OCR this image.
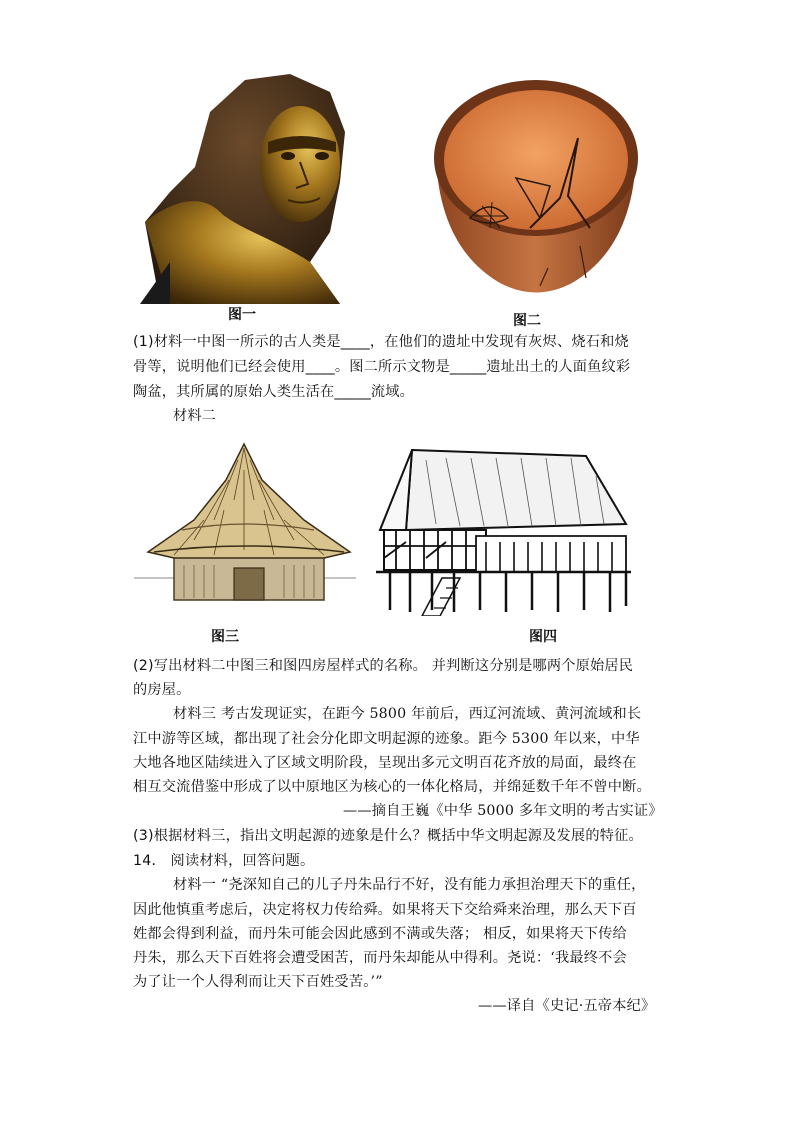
图一	图二
(1)材料一中图一所示的古人类是____，在他们的遗址中发现有灰烬、烧石和烧
骨等，说明他们已经会使用____。图二所示文物是_____遗址出土的人面鱼纹彩
陶盆，其所属的原始人类生活在_____流域。
材料二
图三	图四
(2)写出材料二中图三和图四房屋样式的名称。 并判断这分别是哪两个原始居民
的房屋。
材料三 考古发现证实，在距今 5800 年前后，西辽河流域、黄河流域和长
江中游等区域，都出现了社会分化即文明起源的迹象。距今 5300 年以来，中华
大地各地区陆续进入了区域文明阶段，呈现出多元文明百花齐放的局面，最终在
相互交流借鉴中形成了以中原地区为核心的一体化格局，并绵延数千年不曾中断。
——摘自王巍《中华 5000 多年文明的考古实证》
(3)根据材料三，指出文明起源的迹象是什么？概括中华文明起源及发展的特征。
14． 阅读材料，回答问题。
材料一 “尧深知自己的儿子丹朱品行不好，没有能力承担治理天下的重任，
因此他慎重考虑后，决定将权力传给舜。如果将天下交给舜来治理，那么天下百
姓都会得到利益，而丹朱可能会因此感到不满或失落； 相反，如果将天下传给
丹朱，那么天下百姓将会遭受困苦，而丹朱却能从中得利。尧说：‘我最终不会
为了让一个人得利而让天下百姓受苦。’”
——译自《史记·五帝本纪》
